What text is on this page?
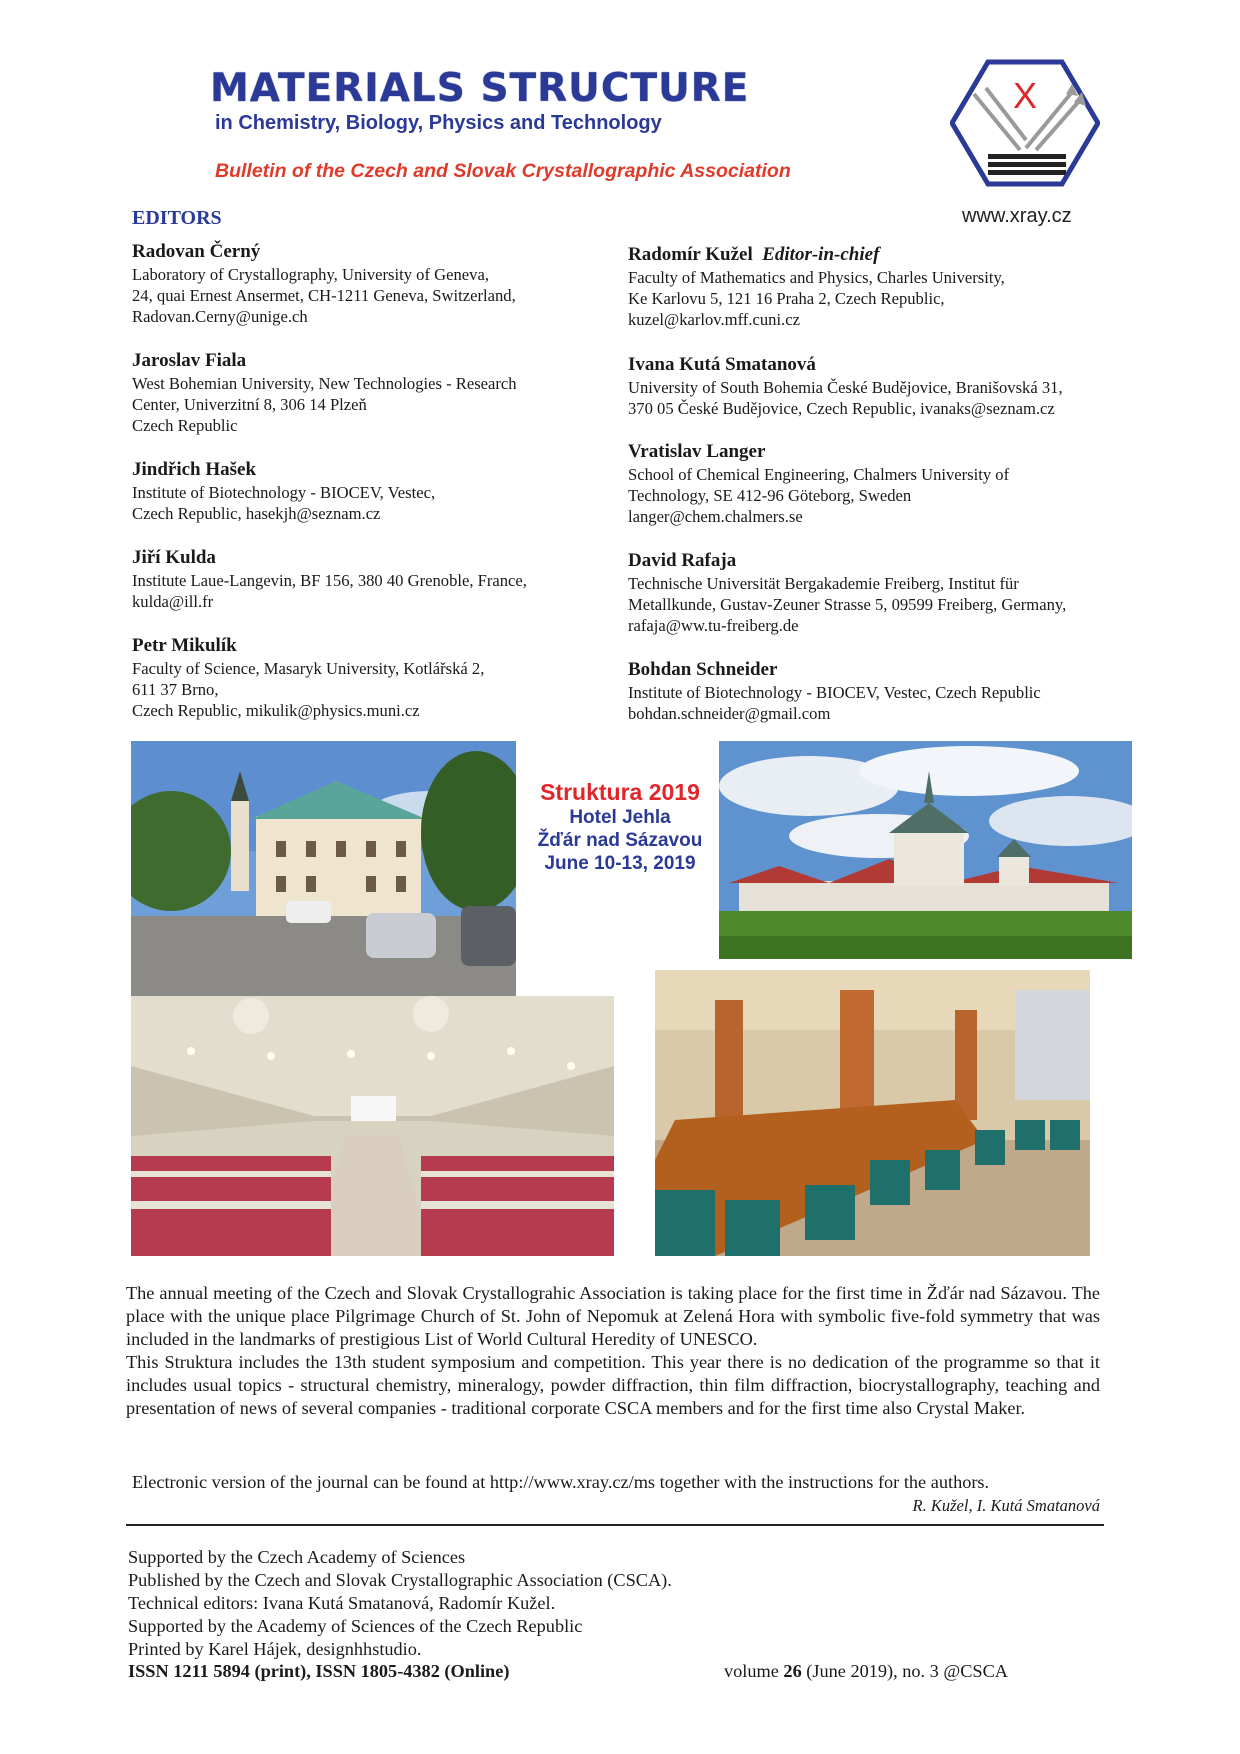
MATERIALS STRUCTURE
in Chemistry, Biology, Physics and Technology
Bulletin of the Czech and Slovak Crystallographic Association
X
www.xray.cz
EDITORS
Radovan Černý
Laboratory of Crystallography, University of Geneva,
24, quai Ernest Ansermet, CH-1211 Geneva, Switzerland,
Radovan.Cerny@unige.ch
Jaroslav Fiala
West Bohemian University, New Technologies - Research
Center, Univerzitní 8, 306 14 Plzeň
Czech Republic
Jindřich Hašek
Institute of Biotechnology - BIOCEV, Vestec,
Czech Republic, hasekjh@seznam.cz
Jiří Kulda
Institute Laue-Langevin, BF 156, 380 40 Grenoble, France,
kulda@ill.fr
Petr Mikulík
Faculty of Science, Masaryk University, Kotlářská 2,
611 37 Brno,
Czech Republic, mikulik@physics.muni.cz
Radomír Kužel Editor-in-chief
Faculty of Mathematics and Physics, Charles University,
Ke Karlovu 5, 121 16 Praha 2, Czech Republic,
kuzel@karlov.mff.cuni.cz
Ivana Kutá Smatanová
University of South Bohemia České Budějovice, Branišovská 31,
370 05 České Budějovice, Czech Republic, ivanaks@seznam.cz
Vratislav Langer
School of Chemical Engineering, Chalmers University of
Technology, SE 412-96 Göteborg, Sweden
langer@chem.chalmers.se
David Rafaja
Technische Universität Bergakademie Freiberg, Institut für
Metallkunde, Gustav-Zeuner Strasse 5, 09599 Freiberg, Germany,
rafaja@ww.tu-freiberg.de
Bohdan Schneider
Institute of Biotechnology - BIOCEV, Vestec, Czech Republic
bohdan.schneider@gmail.com
Struktura 2019
Hotel Jehla
Žďár nad Sázavou
June 10-13, 2019

The annual meeting of the Czech and Slovak Crystallograhic Association is taking place for the first time in Žďár nad Sázavou. The place with the unique place Pilgrimage Church of St. John of Nepomuk at Zelená Hora with symbolic five-fold symmetry that was included in the landmarks of prestigious List of World Cultural Heredity of UNESCO.

This Struktura includes the 13th student symposium and competition. This year there is no dedication of the programme so that it includes usual topics - structural chemistry, mineralogy, powder diffraction, thin film diffraction, biocrystallography, teaching and presentation of news of several companies - traditional corporate CSCA members and for the first time also Crystal Maker.

Electronic version of the journal can be found at http://www.xray.cz/ms together with the instructions for the authors.
R. Kužel, I. Kutá Smatanová
Supported by the Czech Academy of Sciences
Published by the Czech and Slovak Crystallographic Association (CSCA).
Technical editors: Ivana Kutá Smatanová, Radomír Kužel.
Supported by the Academy of Sciences of the Czech Republic
Printed by Karel Hájek, designhhstudio.
ISSN 1211 5894 (print), ISSN 1805-4382 (Online)	volume 26 (June 2019), no. 3 @CSCA
